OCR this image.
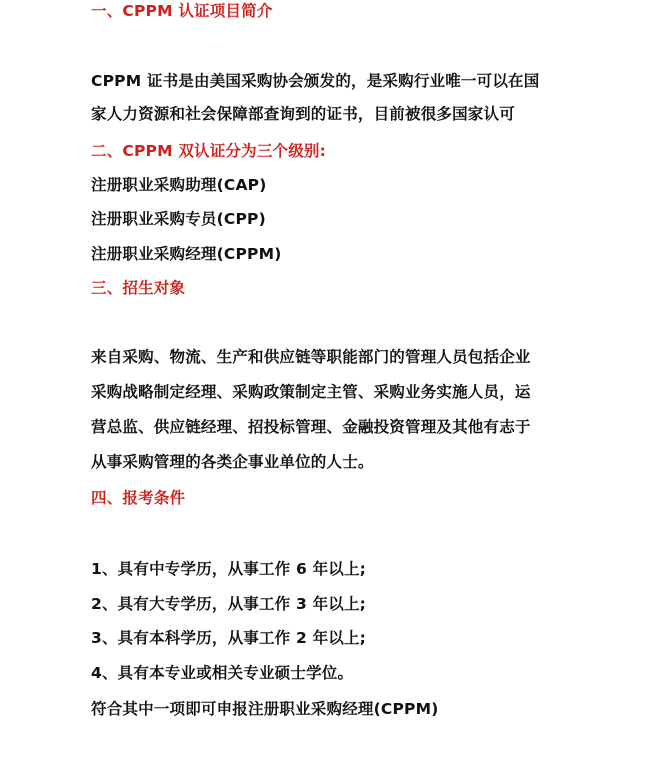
一、CPPM 认证项目简介

CPPM 证书是由美国采购协会颁发的，是采购行业唯一可以在国

家人力资源和社会保障部查询到的证书，目前被很多国家认可

二、CPPM 双认证分为三个级别:

注册职业采购助理(CAP)

注册职业采购专员(CPP)

注册职业采购经理(CPPM)

三、招生对象

来自采购、物流、生产和供应链等职能部门的管理人员包括企业

采购战略制定经理、采购政策制定主管、采购业务实施人员，运

营总监、供应链经理、招投标管理、金融投资管理及其他有志于

从事采购管理的各类企事业单位的人士。

四、报考条件

1、具有中专学历，从事工作 6 年以上;

2、具有大专学历，从事工作 3 年以上;

3、具有本科学历，从事工作 2 年以上;

4、具有本专业或相关专业硕士学位。

符合其中一项即可申报注册职业采购经理(CPPM)
